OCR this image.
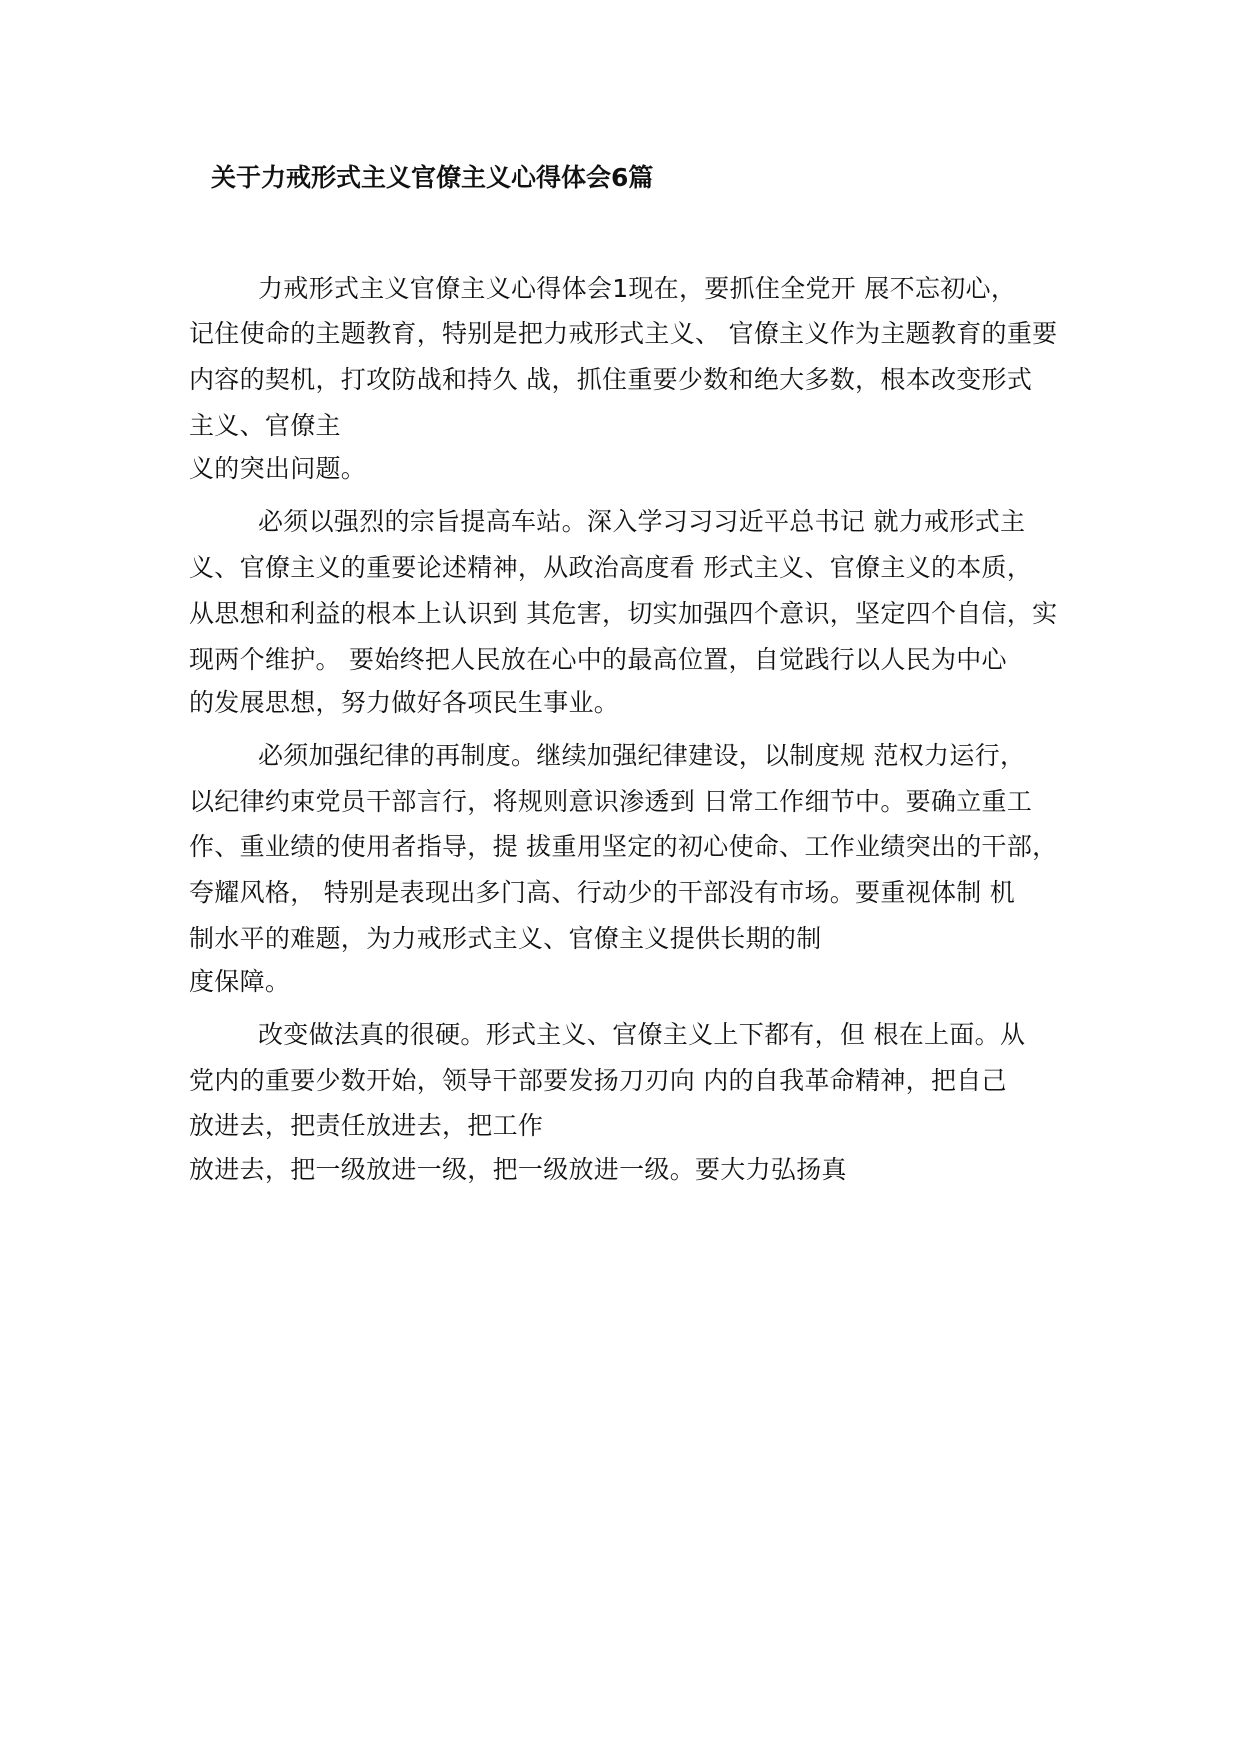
关于力戒形式主义官僚主义心得体会6篇
力戒形式主义官僚主义心得体会1现在，要抓住全党开 展不忘初心，
记住使命的主题教育，特别是把力戒形式主义、 官僚主义作为主题教育的重要
内容的契机，打攻防战和持久 战，抓住重要少数和绝大多数，根本改变形式
主义、官僚主
义的突出问题。
必须以强烈的宗旨提高车站。深入学习习习近平总书记 就力戒形式主
义、官僚主义的重要论述精神，从政治高度看 形式主义、官僚主义的本质，
从思想和利益的根本上认识到 其危害，切实加强四个意识，坚定四个自信，实
现两个维护。 要始终把人民放在心中的最高位置，自觉践行以人民为中心
的发展思想，努力做好各项民生事业。
必须加强纪律的再制度。继续加强纪律建设，以制度规 范权力运行，
以纪律约束党员干部言行，将规则意识渗透到 日常工作细节中。要确立重工
作、重业绩的使用者指导，提 拔重用坚定的初心使命、工作业绩突出的干部，
夸耀风格， 特别是表现出多门高、行动少的干部没有市场。要重视体制 机
制水平的难题，为力戒形式主义、官僚主义提供长期的制
度保障。
改变做法真的很硬。形式主义、官僚主义上下都有，但 根在上面。从
党内的重要少数开始，领导干部要发扬刀刃向 内的自我革命精神，把自己
放进去，把责任放进去，把工作
放进去，把一级放进一级，把一级放进一级。要大力弘扬真
